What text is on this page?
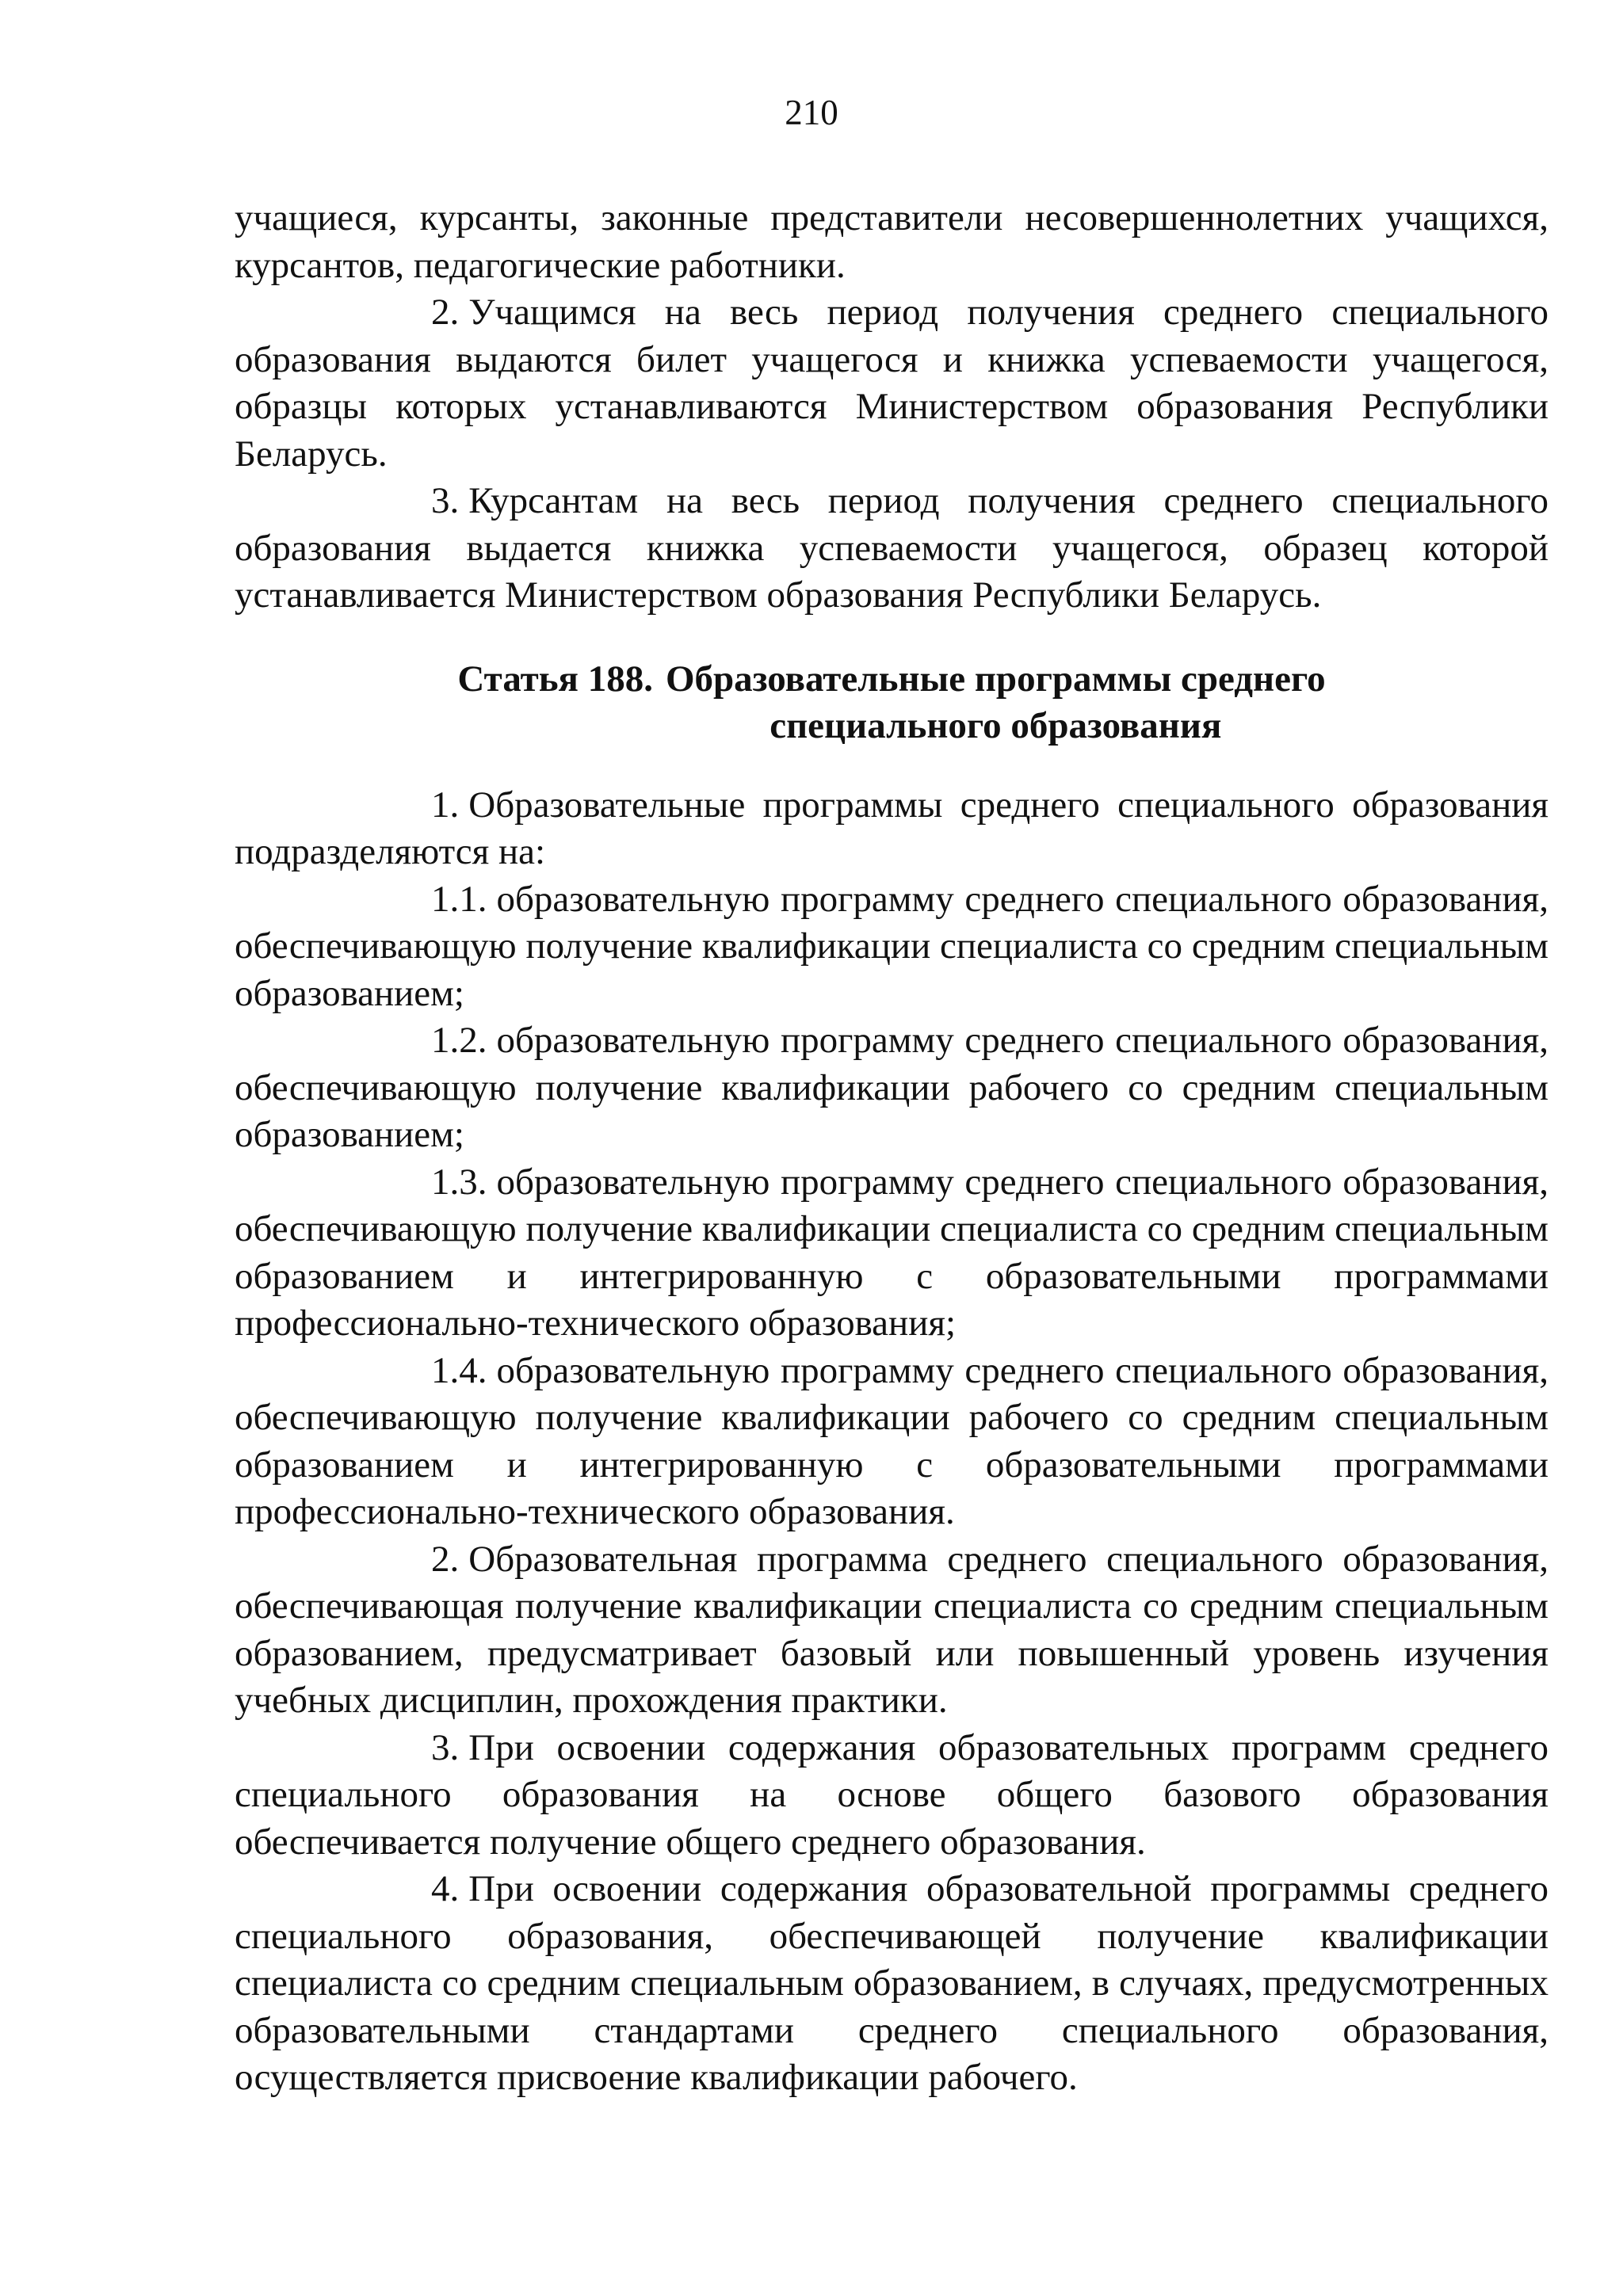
210

учащиеся, курсанты, законные представители несовершеннолетних учащихся, курсантов, педагогические работники.

2. Учащимся на весь период получения среднего специального образования выдаются билет учащегося и книжка успеваемости учащегося, образцы которых устанавливаются Министерством образования Республики Беларусь.

3. Курсантам на весь период получения среднего специального образования выдается книжка успеваемости учащегося, образец которой устанавливается Министерством образования Республики Беларусь.

Статья 188. Образовательные программы среднего
специального образования

1. Образовательные программы среднего специального образования подразделяются на:

1.1. образовательную программу среднего специального образования, обеспечивающую получение квалификации специалиста со средним специальным образованием;

1.2. образовательную программу среднего специального образования, обеспечивающую получение квалификации рабочего со средним специальным образованием;

1.3. образовательную программу среднего специального образования, обеспечивающую получение квалификации специалиста со средним специальным образованием и интегрированную с образовательными программами профессионально-технического образования;

1.4. образовательную программу среднего специального образования, обеспечивающую получение квалификации рабочего со средним специальным образованием и интегрированную с образовательными программами профессионально-технического образования.

2. Образовательная программа среднего специального образования, обеспечивающая получение квалификации специалиста со средним специальным образованием, предусматривает базовый или повышенный уровень изучения учебных дисциплин, прохождения практики.

3. При освоении содержания образовательных программ среднего специального образования на основе общего базового образования обеспечивается получение общего среднего образования.

4. При освоении содержания образовательной программы среднего специального образования, обеспечивающей получение квалификации специалиста со средним специальным образованием, в случаях, предусмотренных образовательными стандартами среднего специального образования, осуществляется присвоение квалификации рабочего.
